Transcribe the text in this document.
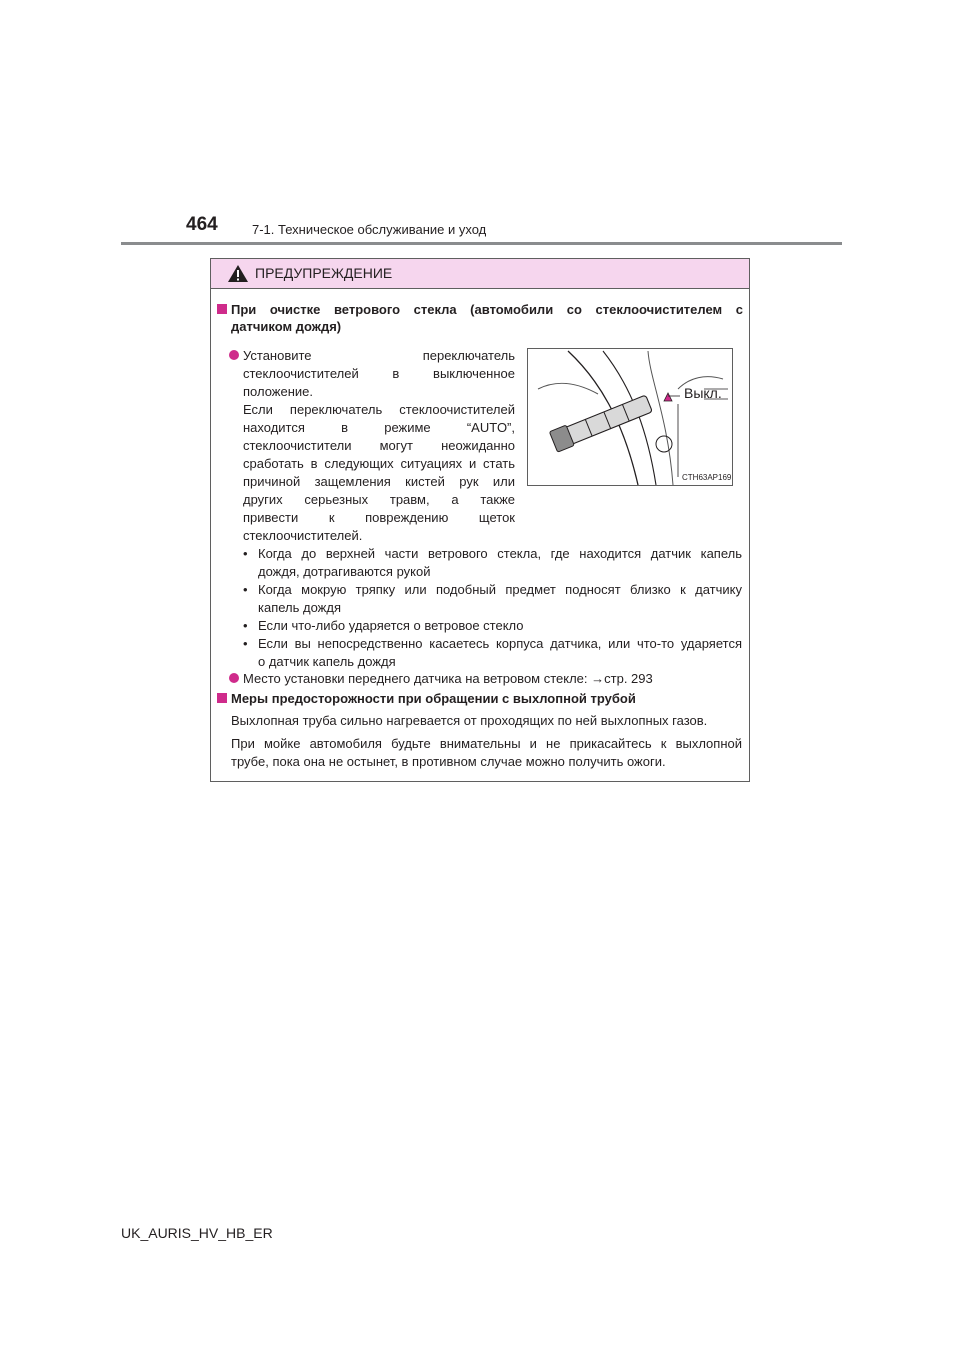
464	7-1. Техническое обслуживание и уход
ПРЕДУПРЕЖДЕНИЕ
При очистке ветрового стекла (автомобили со стеклоочистителем с
датчиком дождя)
Установите переключатель
стеклоочистителей в выключенное
положение.
Если переключатель стеклоочистителей
находится в режиме “AUTO”,
стеклоочистители могут неожиданно
сработать в следующих ситуациях и стать
причиной защемления кистей рук или
других серьезных травм, а также
привести к повреждению щеток
стеклоочистителей.
Выкл.
CTH63AP169
• Когда до верхней части ветрового стекла, где находится датчик капель
дождя, дотрагиваются рукой
• Когда мокрую тряпку или подобный предмет подносят близко к датчику
капель дождя
• Если что-либо ударяется о ветровое стекло
• Если вы непосредственно касаетесь корпуса датчика, или что-то ударяется
о датчик капель дождя
Место установки переднего датчика на ветровом стекле: →стр. 293
Меры предосторожности при обращении с выхлопной трубой
Выхлопная труба сильно нагревается от проходящих по ней выхлопных газов.
При мойке автомобиля будьте внимательны и не прикасайтесь к выхлопной
трубе, пока она не остынет, в противном случае можно получить ожоги.
UK_AURIS_HV_HB_ER
